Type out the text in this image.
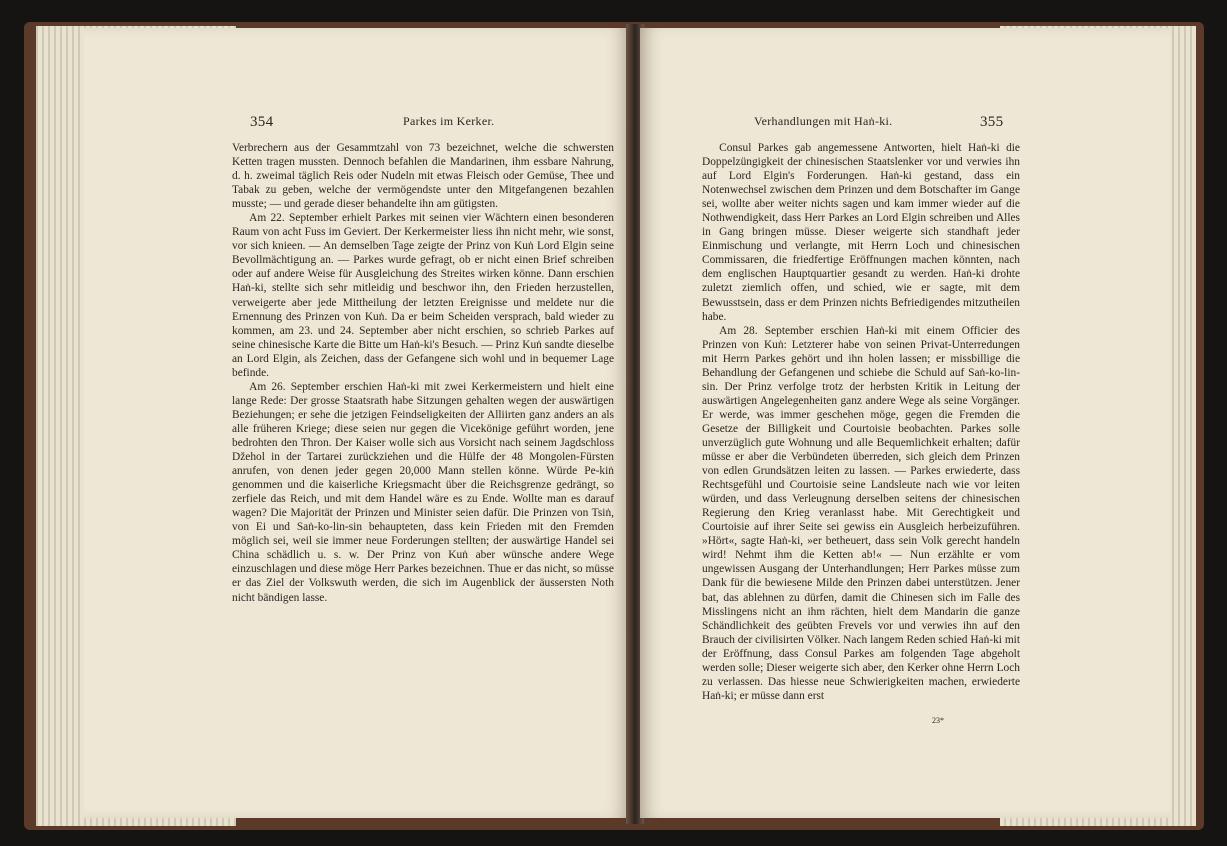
354	Parkes im Kerker.

Verbrechern aus der Gesammtzahl von 73 bezeichnet, welche die schwersten Ketten tragen mussten. Dennoch befahlen die Mandarinen, ihm essbare Nahrung, d. h. zweimal täglich Reis oder Nudeln mit etwas Fleisch oder Gemüse, Thee und Tabak zu geben, welche der vermögendste unter den Mitgefangenen bezahlen musste; — und gerade dieser behandelte ihn am gütigsten.

Am 22. September erhielt Parkes mit seinen vier Wächtern einen besonderen Raum von acht Fuss im Geviert. Der Kerkermeister liess ihn nicht mehr, wie sonst, vor sich knieen. — An demselben Tage zeigte der Prinz von Kuṅ Lord Elgin seine Bevollmächtigung an. — Parkes wurde gefragt, ob er nicht einen Brief schreiben oder auf andere Weise für Ausgleichung des Streites wirken könne. Dann erschien Haṅ-ki, stellte sich sehr mitleidig und beschwor ihn, den Frieden herzustellen, verweigerte aber jede Mittheilung der letzten Ereignisse und meldete nur die Ernennung des Prinzen von Kuṅ. Da er beim Scheiden versprach, bald wieder zu kommen, am 23. und 24. September aber nicht erschien, so schrieb Parkes auf seine chinesische Karte die Bitte um Haṅ-ki's Besuch. — Prinz Kuṅ sandte dieselbe an Lord Elgin, als Zeichen, dass der Gefangene sich wohl und in bequemer Lage befinde.

Am 26. September erschien Haṅ-ki mit zwei Kerkermeistern und hielt eine lange Rede: Der grosse Staatsrath habe Sitzungen gehalten wegen der auswärtigen Beziehungen; er sehe die jetzigen Feindseligkeiten der Alliirten ganz anders an als alle früheren Kriege; diese seien nur gegen die Vicekönige geführt worden, jene bedrohten den Thron. Der Kaiser wolle sich aus Vorsicht nach seinem Jagdschloss Džehol in der Tartarei zurückziehen und die Hülfe der 48 Mongolen-Fürsten anrufen, von denen jeder gegen 20,000 Mann stellen könne. Würde Pe-kiṅ genommen und die kaiserliche Kriegsmacht über die Reichsgrenze gedrängt, so zerfiele das Reich, und mit dem Handel wäre es zu Ende. Wollte man es darauf wagen? Die Majorität der Prinzen und Minister seien dafür. Die Prinzen von Tsiṅ, von Ei und Saṅ-ko-lin-sin behaupteten, dass kein Frieden mit den Fremden möglich sei, weil sie immer neue Forderungen stellten; der auswärtige Handel sei China schädlich u. s. w. Der Prinz von Kuṅ aber wünsche andere Wege einzuschlagen und diese möge Herr Parkes bezeichnen. Thue er das nicht, so müsse er das Ziel der Volkswuth werden, die sich im Augenblick der äussersten Noth nicht bändigen lasse.

Verhandlungen mit Haṅ-ki.	355

Consul Parkes gab angemessene Antworten, hielt Haṅ-ki die Doppelzüngigkeit der chinesischen Staatslenker vor und verwies ihn auf Lord Elgin's Forderungen. Haṅ-ki gestand, dass ein Notenwechsel zwischen dem Prinzen und dem Botschafter im Gange sei, wollte aber weiter nichts sagen und kam immer wieder auf die Nothwendigkeit, dass Herr Parkes an Lord Elgin schreiben und Alles in Gang bringen müsse. Dieser weigerte sich standhaft jeder Einmischung und verlangte, mit Herrn Loch und chinesischen Commissaren, die friedfertige Eröffnungen machen könnten, nach dem englischen Hauptquartier gesandt zu werden. Haṅ-ki drohte zuletzt ziemlich offen, und schied, wie er sagte, mit dem Bewusstsein, dass er dem Prinzen nichts Befriedigendes mitzutheilen habe.

Am 28. September erschien Haṅ-ki mit einem Officier des Prinzen von Kuṅ: Letzterer habe von seinen Privat-Unterredungen mit Herrn Parkes gehört und ihn holen lassen; er missbillige die Behandlung der Gefangenen und schiebe die Schuld auf Saṅ-ko-lin-sin. Der Prinz verfolge trotz der herbsten Kritik in Leitung der auswärtigen Angelegenheiten ganz andere Wege als seine Vorgänger. Er werde, was immer geschehen möge, gegen die Fremden die Gesetze der Billigkeit und Courtoisie beobachten. Parkes solle unverzüglich gute Wohnung und alle Bequemlichkeit erhalten; dafür müsse er aber die Verbündeten überreden, sich gleich dem Prinzen von edlen Grundsätzen leiten zu lassen. — Parkes erwiederte, dass Rechtsgefühl und Courtoisie seine Landsleute nach wie vor leiten würden, und dass Verleugnung derselben seitens der chinesischen Regierung den Krieg veranlasst habe. Mit Gerechtigkeit und Courtoisie auf ihrer Seite sei gewiss ein Ausgleich herbeizuführen. »Hört«, sagte Haṅ-ki, »er betheuert, dass sein Volk gerecht handeln wird! Nehmt ihm die Ketten ab!« — Nun erzählte er vom ungewissen Ausgang der Unterhandlungen; Herr Parkes müsse zum Dank für die bewiesene Milde den Prinzen dabei unterstützen. Jener bat, das ablehnen zu dürfen, damit die Chinesen sich im Falle des Misslingens nicht an ihm rächten, hielt dem Mandarin die ganze Schändlichkeit des geübten Frevels vor und verwies ihn auf den Brauch der civilisirten Völker. Nach langem Reden schied Haṅ-ki mit der Eröffnung, dass Consul Parkes am folgenden Tage abgeholt werden solle; Dieser weigerte sich aber, den Kerker ohne Herrn Loch zu verlassen. Das hiesse neue Schwierigkeiten machen, erwiederte Haṅ-ki; er müsse dann erst

23*
